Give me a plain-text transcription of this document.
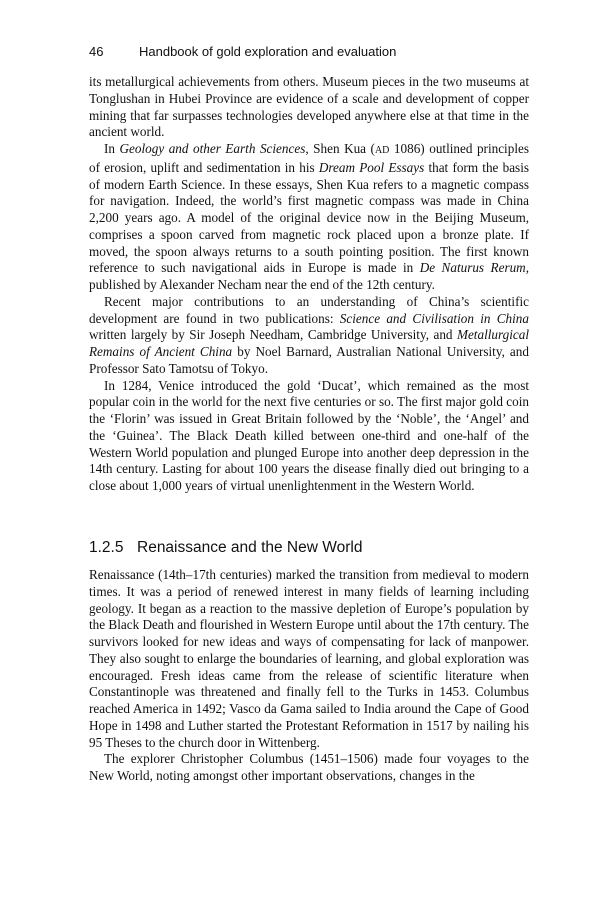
46	Handbook of gold exploration and evaluation

its metallurgical achievements from others. Museum pieces in the two museums at Tonglushan in Hubei Province are evidence of a scale and development of copper mining that far surpasses technologies developed anywhere else at that time in the ancient world.

In Geology and other Earth Sciences, Shen Kua (AD 1086) outlined principles of erosion, uplift and sedimentation in his Dream Pool Essays that form the basis of modern Earth Science. In these essays, Shen Kua refers to a magnetic compass for navigation. Indeed, the world’s first magnetic compass was made in China 2,200 years ago. A model of the original device now in the Beijing Museum, comprises a spoon carved from magnetic rock placed upon a bronze plate. If moved, the spoon always returns to a south pointing position. The first known reference to such navigational aids in Europe is made in De Naturus Rerum, published by Alexander Necham near the end of the 12th century.

Recent major contributions to an understanding of China’s scientific development are found in two publications: Science and Civilisation in China written largely by Sir Joseph Needham, Cambridge University, and Metallurgical Remains of Ancient China by Noel Barnard, Australian National University, and Professor Sato Tamotsu of Tokyo.

In 1284, Venice introduced the gold ‘Ducat’, which remained as the most popular coin in the world for the next five centuries or so. The first major gold coin the ‘Florin’ was issued in Great Britain followed by the ‘Noble’, the ‘Angel’ and the ‘Guinea’. The Black Death killed between one-third and one-half of the Western World population and plunged Europe into another deep depression in the 14th century. Lasting for about 100 years the disease finally died out bringing to a close about 1,000 years of virtual unenlightenment in the Western World.

1.2.5 Renaissance and the New World

Renaissance (14th–17th centuries) marked the transition from medieval to modern times. It was a period of renewed interest in many fields of learning including geology. It began as a reaction to the massive depletion of Europe’s population by the Black Death and flourished in Western Europe until about the 17th century. The survivors looked for new ideas and ways of compensating for lack of manpower. They also sought to enlarge the boundaries of learning, and global exploration was encouraged. Fresh ideas came from the release of scientific literature when Constantinople was threatened and finally fell to the Turks in 1453. Columbus reached America in 1492; Vasco da Gama sailed to India around the Cape of Good Hope in 1498 and Luther started the Protestant Reformation in 1517 by nailing his 95 Theses to the church door in Wittenberg.

The explorer Christopher Columbus (1451–1506) made four voyages to the New World, noting amongst other important observations, changes in the
